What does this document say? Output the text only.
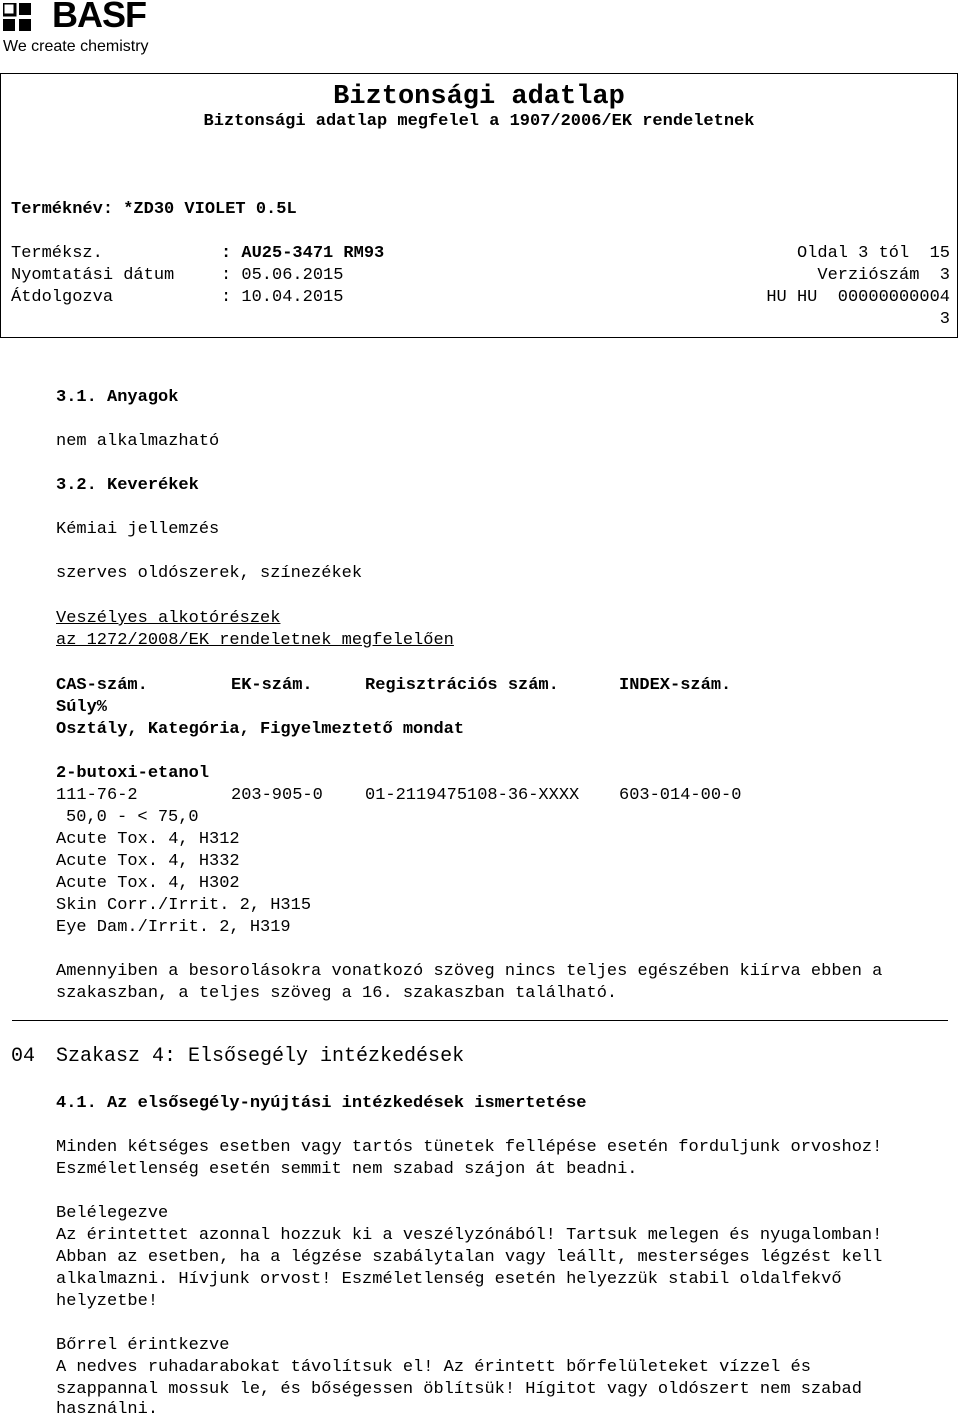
BASF
We create chemistry
Biztonsági adatlap
Biztonsági adatlap megfelel a 1907/2006/EK rendeletnek
Terméknév: *ZD30 VIOLET 0.5L
Terméksz.	: AU25-3471 RM93
Nyomtatási dátum	: 05.06.2015
Átdolgozva	: 10.04.2015
Oldal 3 tól  15
Verziószám  3
HU HU  00000000004
3
3.1. Anyagok
nem alkalmazható
3.2. Keverékek
Kémiai jellemzés
szerves oldószerek, színezékek
Veszélyes alkotórészek
az 1272/2008/EK rendeletnek megfelelően
CAS-szám.	EK-szám.	Regisztrációs szám.	INDEX-szám.
Súly%
Osztály, Kategória, Figyelmeztető mondat
2-butoxi-etanol
111-76-2	203-905-0 01-2119475108-36-XXXX 603-014-00-0
50,0 - < 75,0
Acute Tox. 4, H312
Acute Tox. 4, H332
Acute Tox. 4, H302
Skin Corr./Irrit. 2, H315
Eye Dam./Irrit. 2, H319
Amennyiben a besorolásokra vonatkozó szöveg nincs teljes egészében kiírva ebben a
szakaszban, a teljes szöveg a 16. szakaszban található.
04 Szakasz 4: Elsősegély intézkedések
4.1. Az elsősegély-nyújtási intézkedések ismertetése
Minden kétséges esetben vagy tartós tünetek fellépése esetén forduljunk orvoshoz!
Eszméletlenség esetén semmit nem szabad szájon át beadni.
Belélegezve
Az érintettet azonnal hozzuk ki a veszélyzónából! Tartsuk melegen és nyugalomban!
Abban az esetben, ha a légzése szabálytalan vagy leállt, mesterséges légzést kell
alkalmazni. Hívjunk orvost! Eszméletlenség esetén helyezzük stabil oldalfekvő
helyzetbe!
Bőrrel érintkezve
A nedves ruhadarabokat távolítsuk el! Az érintett bőrfelületeket vízzel és
szappannal mossuk le, és bőségessen öblítsük! Hígitot vagy oldószert nem szabad
használni.
